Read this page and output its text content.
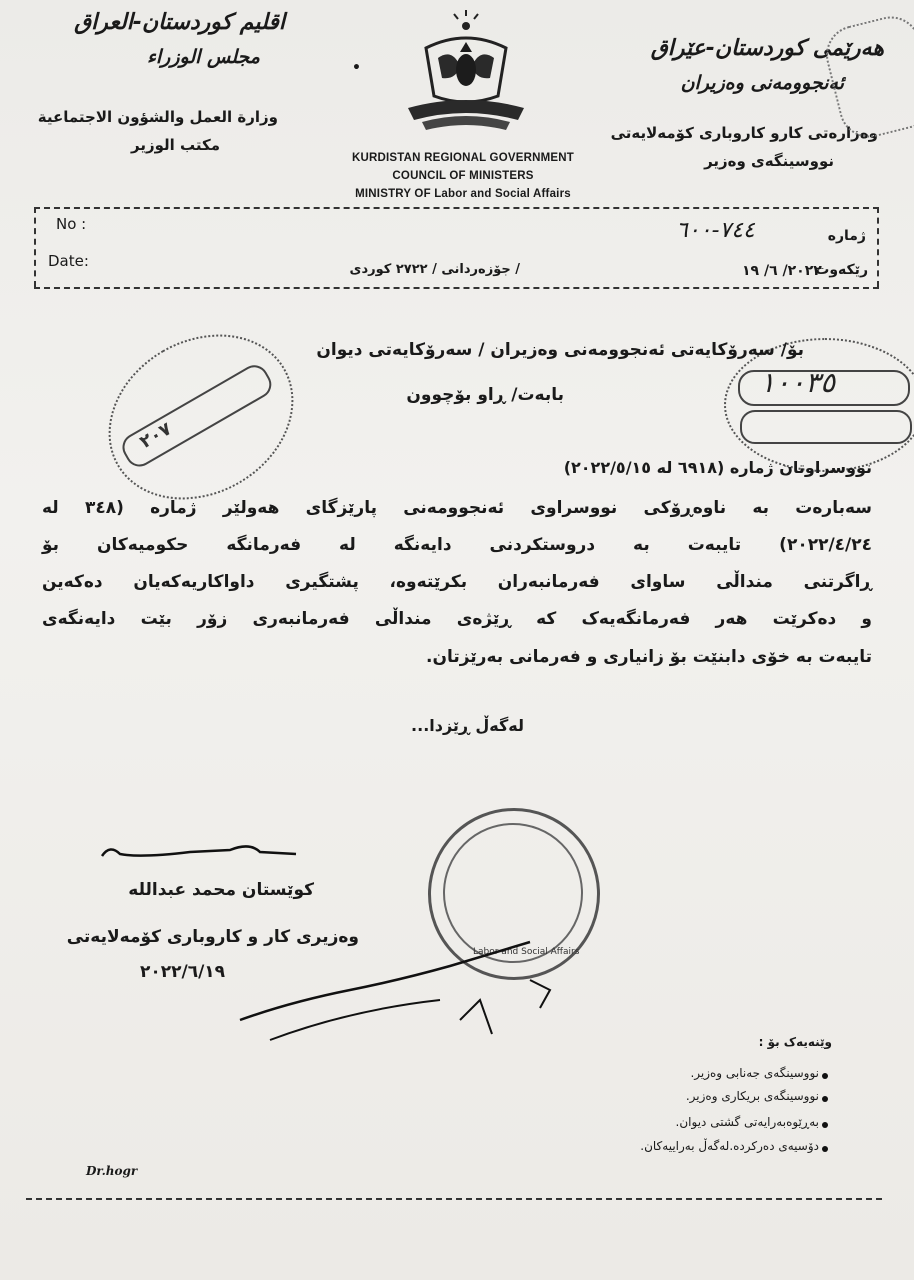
اقليم كوردستان-العراق
مجلس الوزراء
وزارة العمل والشؤون الاجتماعية
مكتب الوزير
KURDISTAN REGIONAL GOVERNMENT
COUNCIL OF MINISTERS
MINISTRY OF Labor and Social Affairs
•
هەرێمی کوردستان-عێراق
ئەنجوومەنی وەزیران
وەزارەتی کارو کاروباری کۆمەلایەتی
نووسینگەی وەزیر
No :
Date:	/ جۆزەردانی / ٢٧٢٢ کوردی
ژمارە
٧٤٤-٦٠٠
رێکەوت
٢٠٢٢/ ٦/ ١٩
٢٠٧
١٠٠٣٥
بۆ/ سەرۆکایەتی ئەنجوومەنی وەزیران / سەرۆکایەتی دیوان
بابەت/ ڕاو بۆچوون
نووسراوتان ژمارە (٦٩١٨ لە ٢٠٢٢/٥/١٥)
سەبارەت بە ناوەڕۆکی نووسراوی ئەنجوومەنی پارێزگای هەولێر ژمارە (٣٤٨ لە
٢٠٢٢/٤/٢٤) تایبەت بە دروستکردنی دایەنگە لە فەرمانگە حکومیەکان بۆ
ڕاگرتنی منداڵی ساوای فەرمانبەران بکرێتەوە، پشتگیری داواکاریەکەیان دەکەین
و دەکرێت هەر فەرمانگەیەک کە ڕێژەی منداڵی فەرمانبەری زۆر بێت دایەنگەی
تایبەت بە خۆی دابنێت بۆ زانیاری و فەرمانی بەرێزتان.
لەگەڵ ڕێزدا...
کوێستان محمد عبداللە
وەزیری کار و کاروباری کۆمەلایەتی
٢٠٢٢/٦/١٩
Labor and Social Affairs
وێنەیەک بۆ :
نووسینگەی جەنابی وەزیر.
نووسینگەی بریکاری وەزیر.
بەڕێوەبەرایەتی گشتی دیوان.
دۆسیەی دەرکردە.لەگەڵ بەراییەکان.
Dr.hogr
